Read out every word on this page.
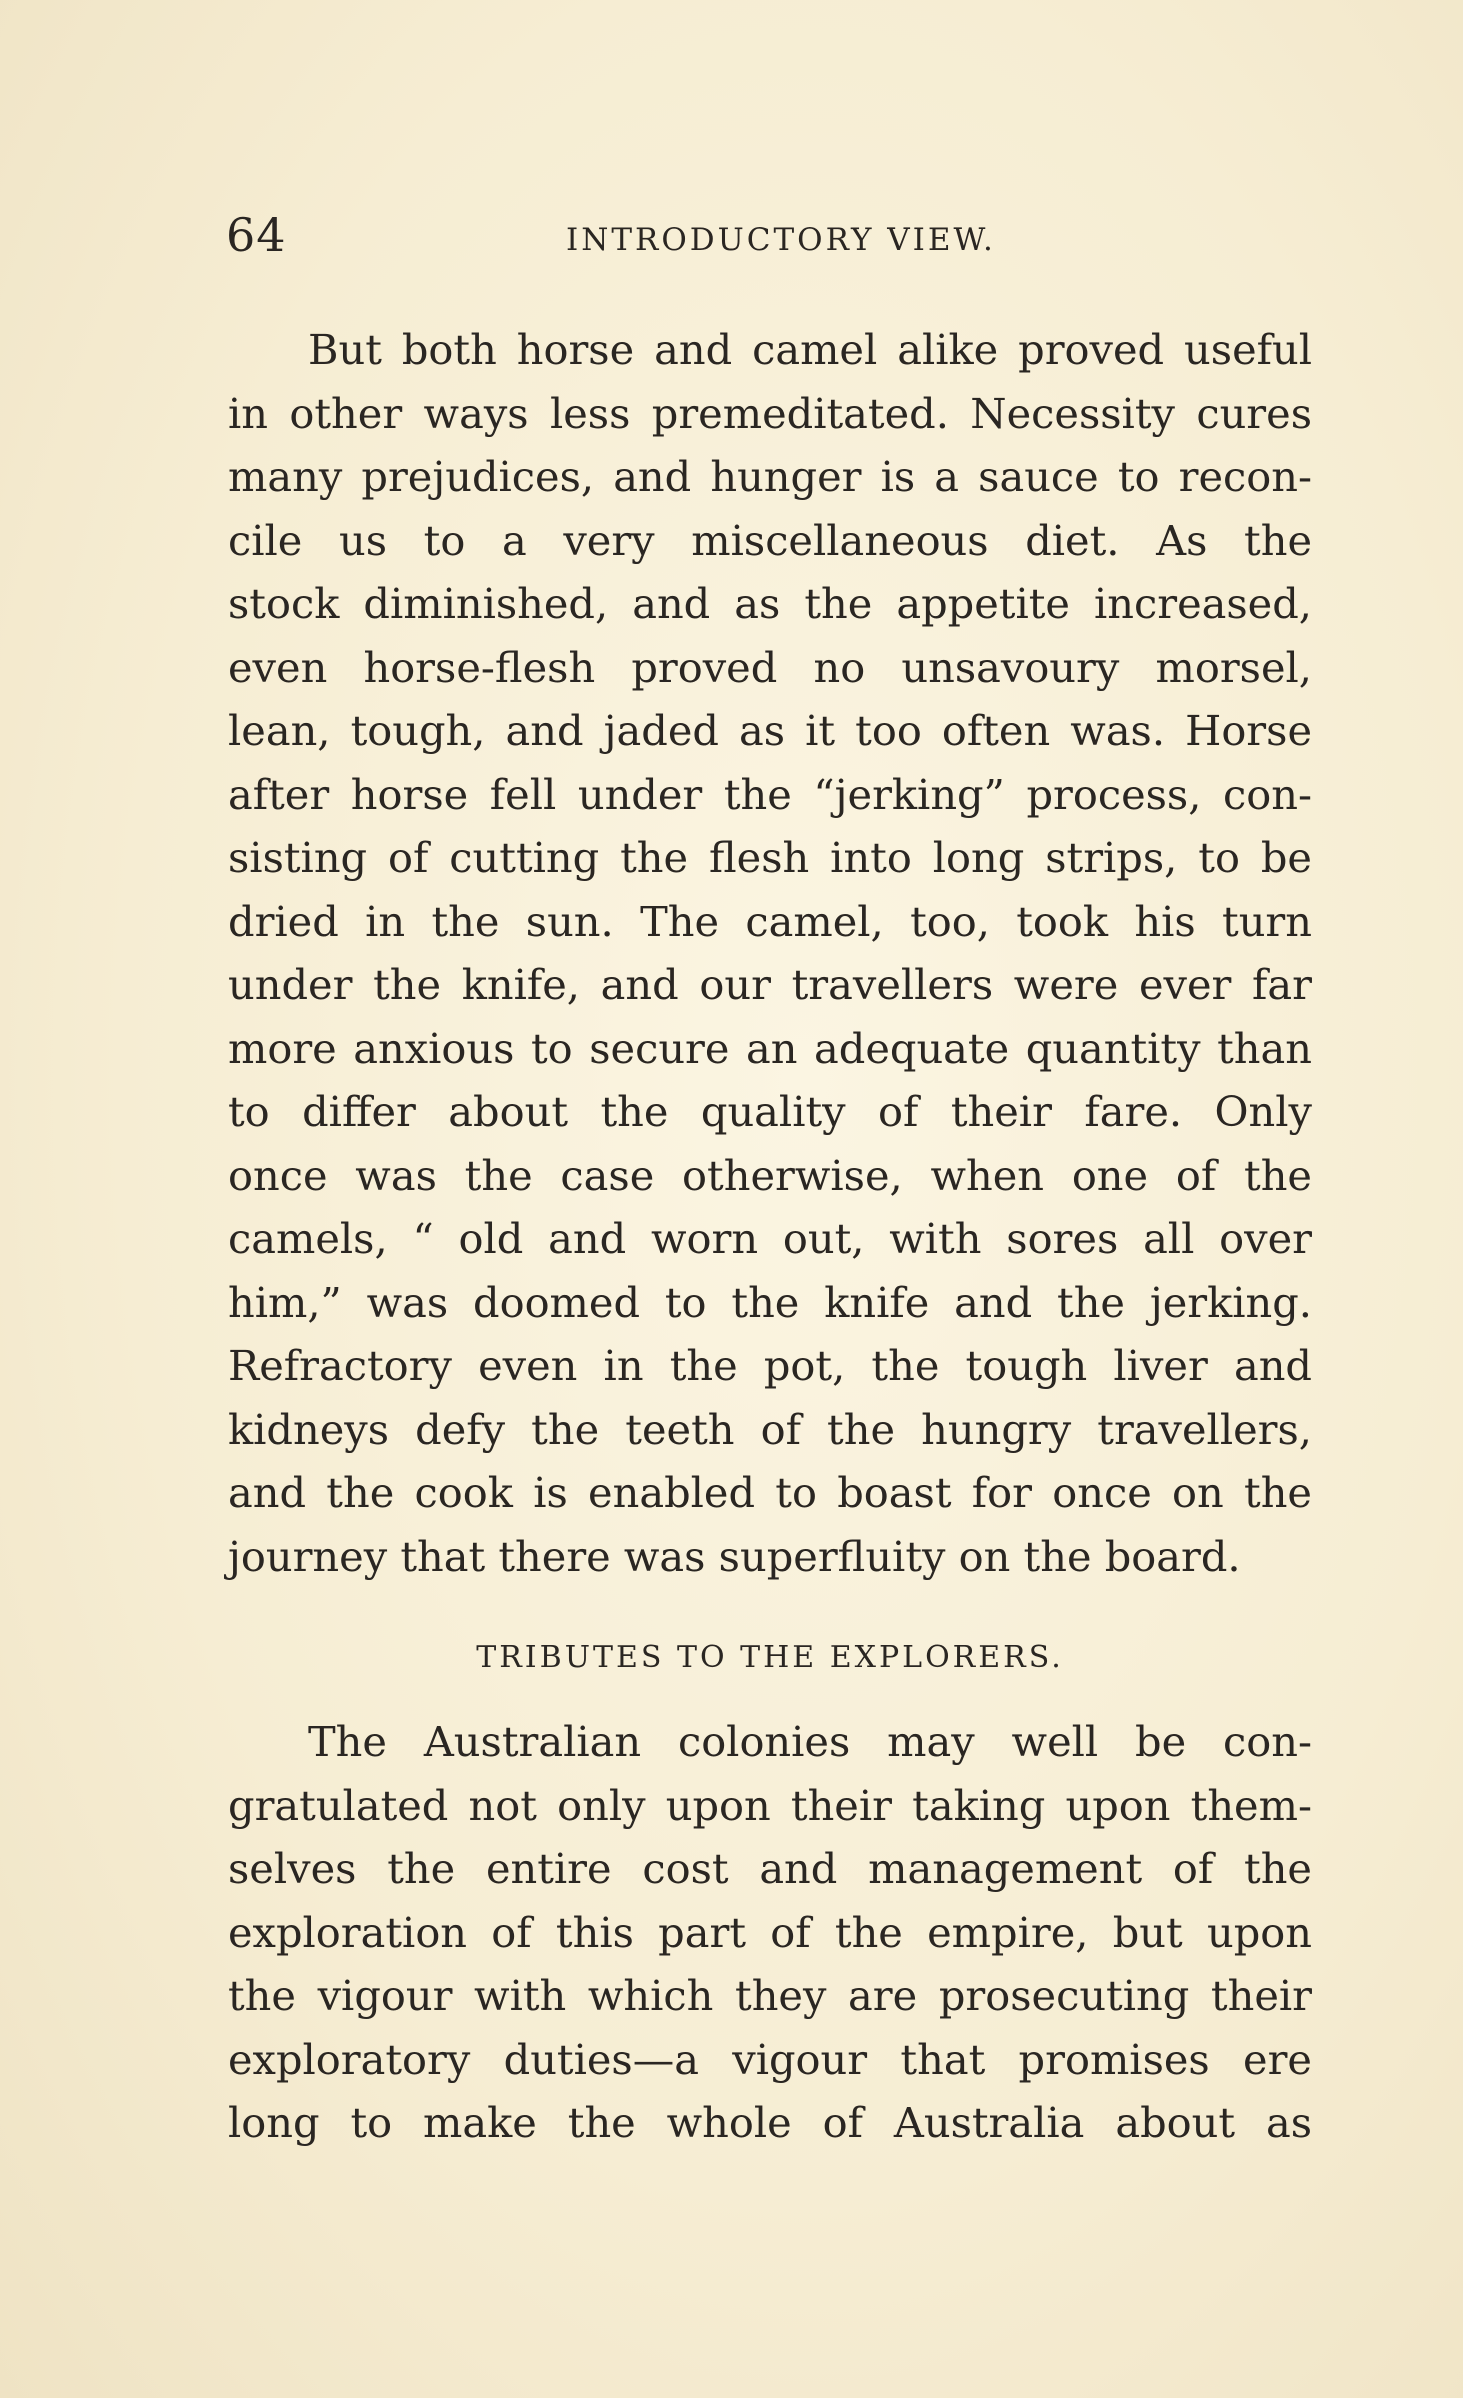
64	INTRODUCTORY VIEW.
But both horse and camel alike proved useful
in other ways less premeditated. Necessity cures
many prejudices, and hunger is a sauce to recon-
cile us to a very miscellaneous diet. As the
stock diminished, and as the appetite increased,
even horse-flesh proved no unsavoury morsel,
lean, tough, and jaded as it too often was. Horse
after horse fell under the “jerking” process, con-
sisting of cutting the flesh into long strips, to be
dried in the sun. The camel, too, took his turn
under the knife, and our travellers were ever far
more anxious to secure an adequate quantity than
to differ about the quality of their fare. Only
once was the case otherwise, when one of the
camels, “ old and worn out, with sores all over
him,” was doomed to the knife and the jerking.
Refractory even in the pot, the tough liver and
kidneys defy the teeth of the hungry travellers,
and the cook is enabled to boast for once on the
journey that there was superfluity on the board.
TRIBUTES TO THE EXPLORERS.
The Australian colonies may well be con-
gratulated not only upon their taking upon them-
selves the entire cost and management of the
exploration of this part of the empire, but upon
the vigour with which they are prosecuting their
exploratory duties—a vigour that promises ere
long to make the whole of Australia about as
